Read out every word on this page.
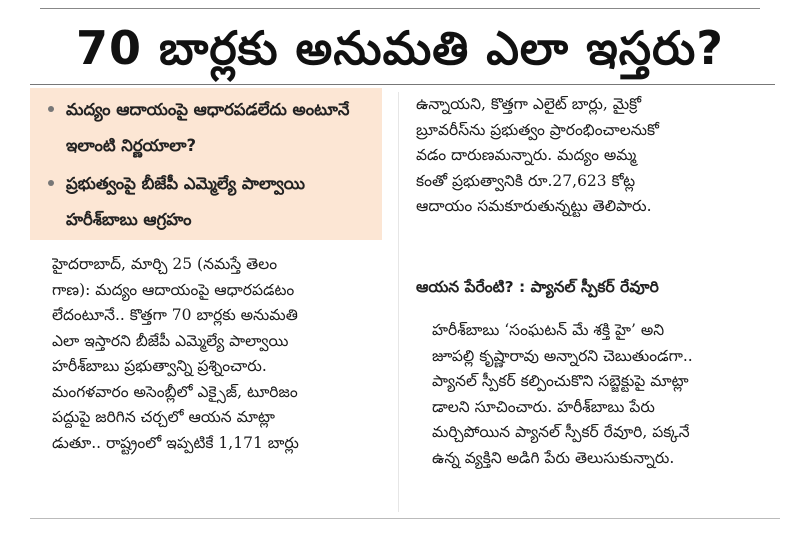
70 బార్లకు అనుమతి ఎలా ఇస్తరు?
మద్యం ఆదాయంపై ఆధారపడలేదు అంటూనే ఇలాంటి నిర్ణయాలా?
ప్రభుత్వంపై బీజేపీ ఎమ్మెల్యే పాల్వాయి హరీశ్‌బాబు ఆగ్రహం
హైదరాబాద్, మార్చి 25 (నమస్తే తెలం
గాణ): మద్యం ఆదాయంపై ఆధారపడటం
లేదంటూనే.. కొత్తగా 70 బార్లకు అనుమతి
ఎలా ఇస్తారని బీజేపీ ఎమ్మెల్యే పాల్వాయి
హరీశ్‌బాబు ప్రభుత్వాన్ని ప్రశ్నించారు.
మంగళవారం అసెంబ్లీలో ఎక్సైజ్, టూరిజం
పద్దుపై జరిగిన చర్చలో ఆయన మాట్లా
డుతూ.. రాష్ట్రంలో ఇప్పటికే 1,171 బార్లు
ఉన్నాయని, కొత్తగా ఎలైట్ బార్లు, మైక్రో
బ్రూవరీస్‌ను ప్రభుత్వం ప్రారంభించాలనుకో
వడం దారుణమన్నారు. మద్యం అమ్మ
కంతో ప్రభుత్వానికి రూ.27,623 కోట్ల
ఆదాయం సమకూరుతున్నట్టు తెలిపారు.
ఆయన పేరేంటి? : ప్యానల్ స్పీకర్ రేవూరి
హరీశ్‌బాబు ‘సంఘటన్ మే శక్తి హై’ అని
జూపల్లి కృష్ణారావు అన్నారని చెబుతుండగా..
ప్యానల్ స్పీకర్ కల్పించుకొని సబ్జెక్టుపై మాట్లా
డాలని సూచించారు. హరీశ్‌బాబు పేరు
మర్చిపోయిన ప్యానల్ స్పీకర్ రేవూరి, పక్కనే
ఉన్న వ్యక్తిని అడిగి పేరు తెలుసుకున్నారు.
